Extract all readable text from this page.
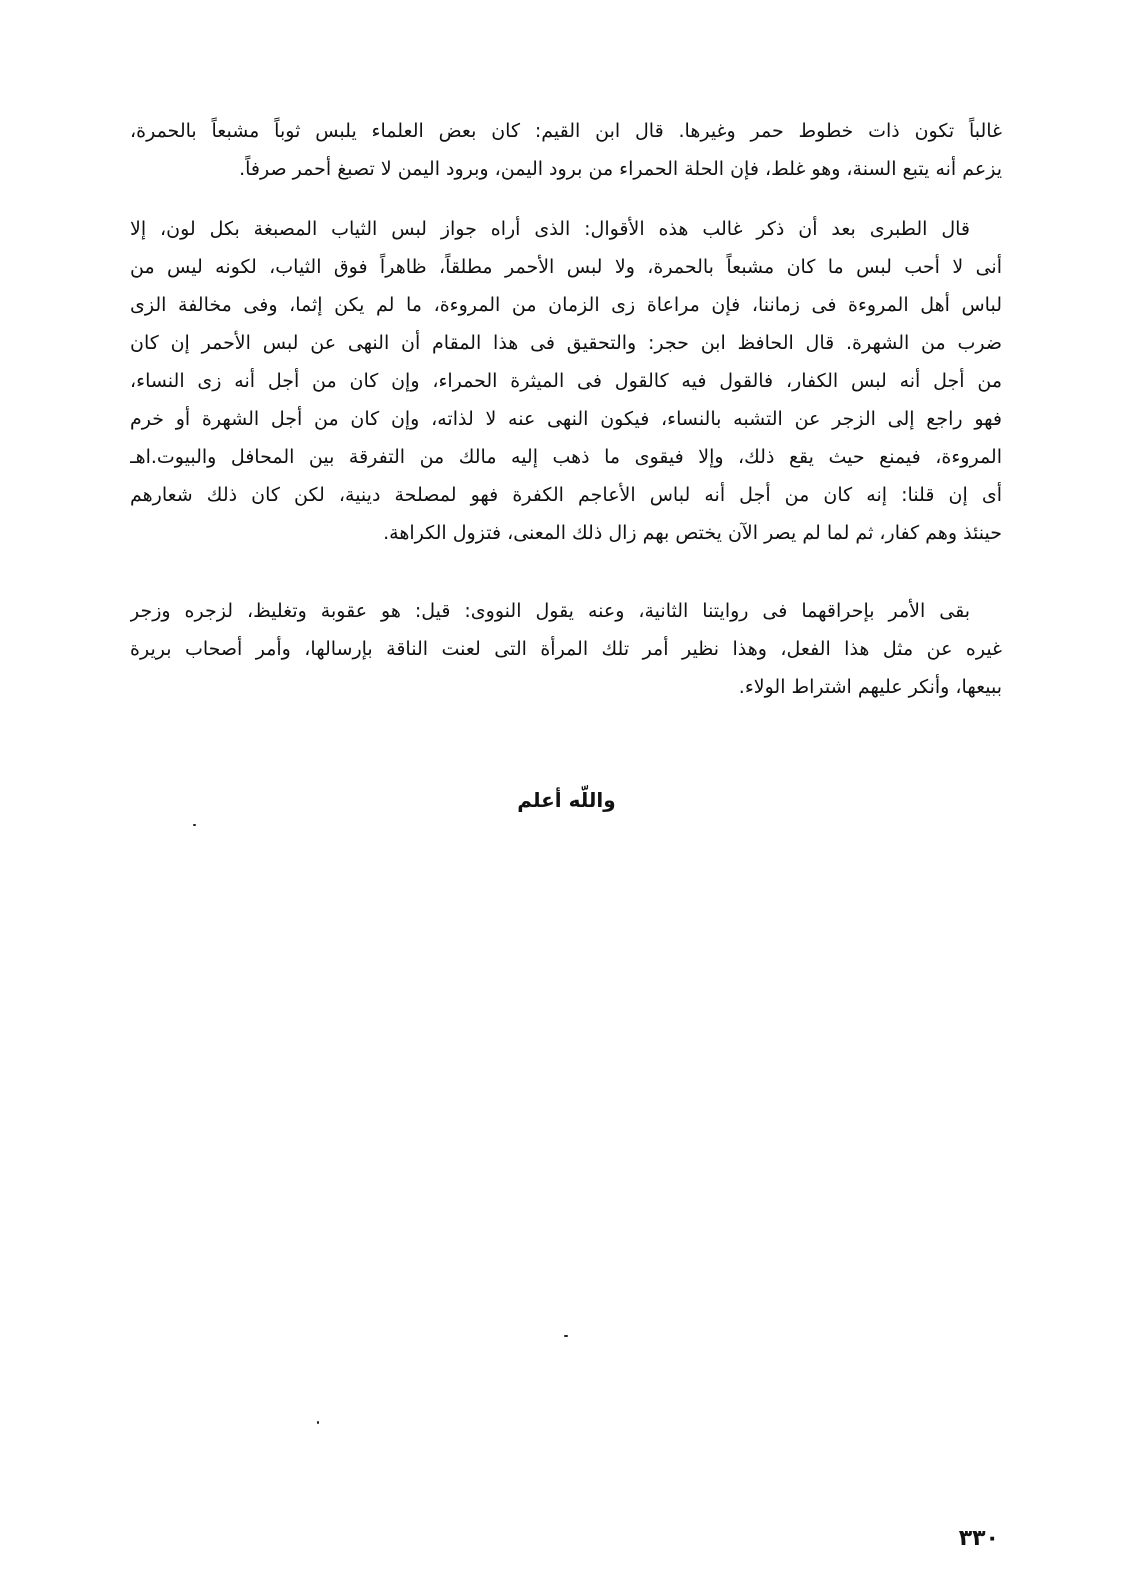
غالباً تكون ذات خطوط حمر وغيرها. قال ابن القيم: كان بعض العلماء يلبس ثوباً مشبعاً بالحمرة،
يزعم أنه يتبع السنة، وهو غلط، فإن الحلة الحمراء من برود اليمن، وبرود اليمن لا تصبغ أحمر صرفاً.
قال الطبرى بعد أن ذكر غالب هذه الأقوال: الذى أراه جواز لبس الثياب المصبغة بكل لون، إلا
أنى لا أحب لبس ما كان مشبعاً بالحمرة، ولا لبس الأحمر مطلقاً، ظاهراً فوق الثياب، لكونه ليس من
لباس أهل المروءة فى زماننا، فإن مراعاة زى الزمان من المروءة، ما لم يكن إثما، وفى مخالفة الزى
ضرب من الشهرة. قال الحافظ ابن حجر: والتحقيق فى هذا المقام أن النهى عن لبس الأحمر إن كان
من أجل أنه لبس الكفار، فالقول فيه كالقول فى الميثرة الحمراء، وإن كان من أجل أنه زى النساء،
فهو راجع إلى الزجر عن التشبه بالنساء، فيكون النهى عنه لا لذاته، وإن كان من أجل الشهرة أو خرم
المروءة، فيمنع حيث يقع ذلك، وإلا فيقوى ما ذهب إليه مالك من التفرقة بين المحافل والبيوت.اهـ
أى إن قلنا: إنه كان من أجل أنه لباس الأعاجم الكفرة فهو لمصلحة دينية، لكن كان ذلك شعارهم
حينئذ وهم كفار، ثم لما لم يصر الآن يختص بهم زال ذلك المعنى، فتزول الكراهة.
بقى الأمر بإحراقهما فى روايتنا الثانية، وعنه يقول النووى: قيل: هو عقوبة وتغليظ، لزجره وزجر
غيره عن مثل هذا الفعل، وهذا نظير أمر تلك المرأة التى لعنت الناقة بإرسالها، وأمر أصحاب بريرة
ببيعها، وأنكر عليهم اشتراط الولاء.
واللّه أعلم
٣٣٠
